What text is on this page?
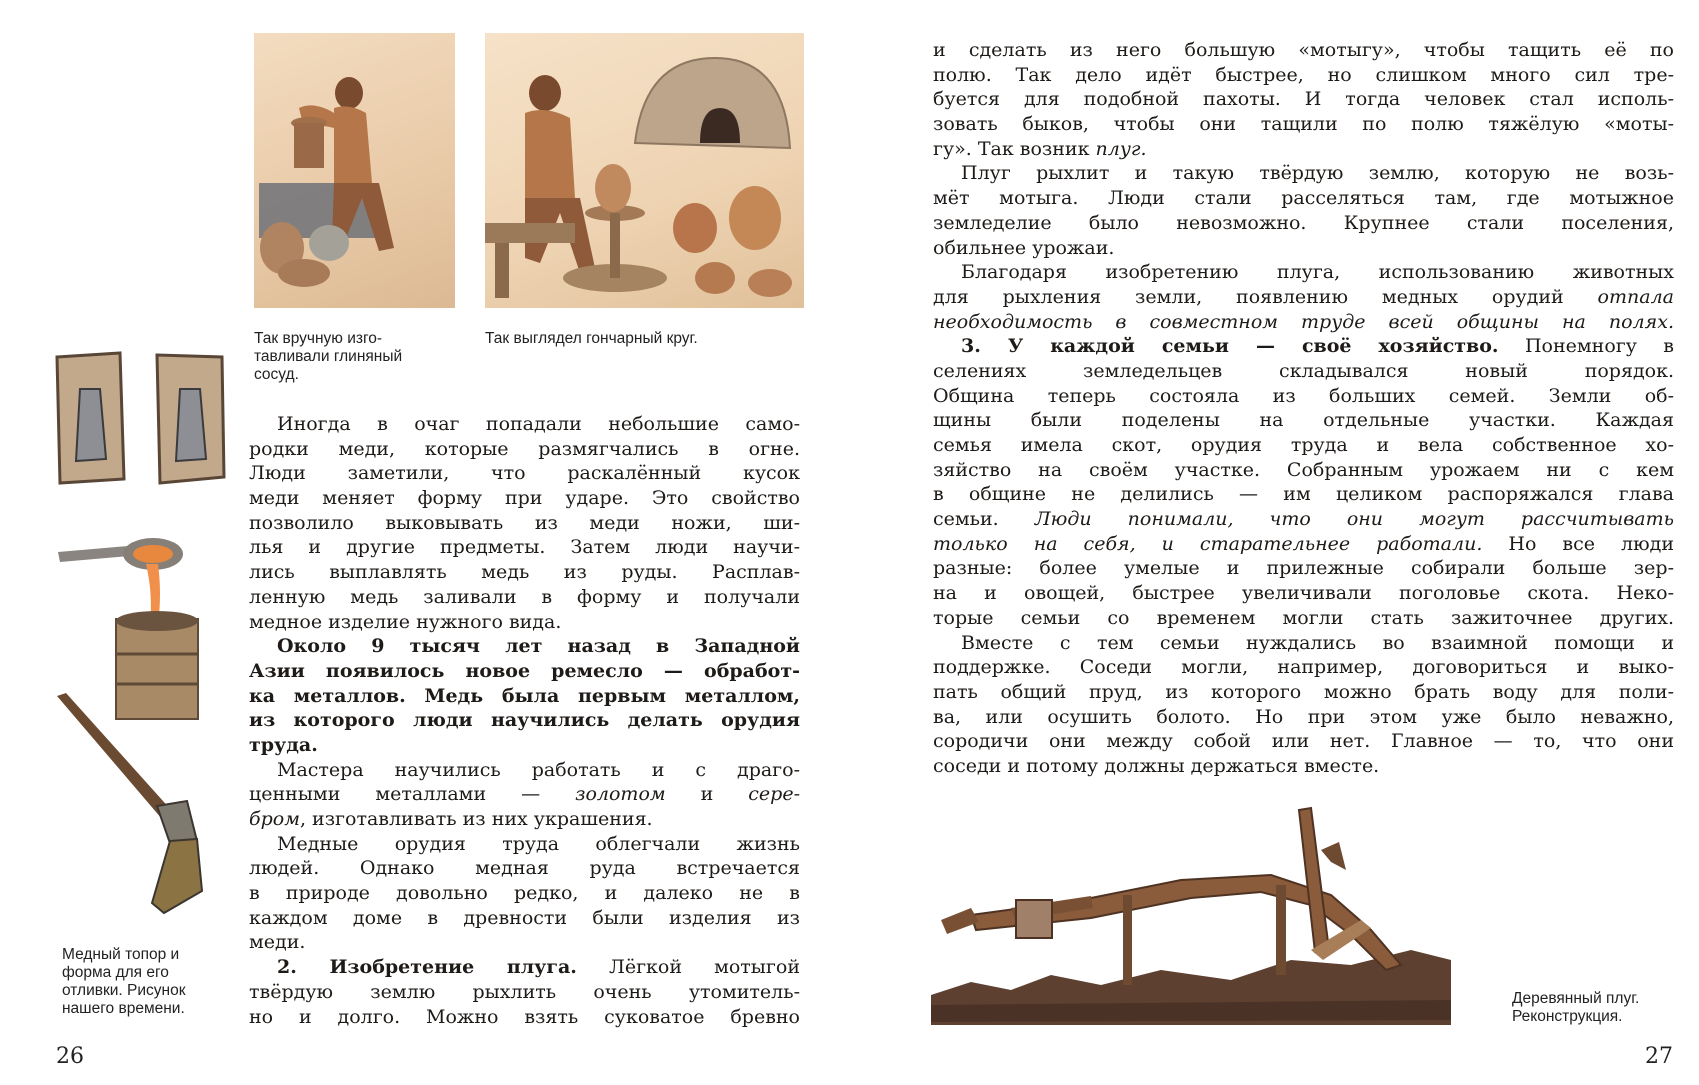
Так вручную изго-
тавливали глиняный
сосуд.
Так выглядел гончарный круг.
Медный топор и
форма для его
отливки. Рисунок
нашего времени.
Иногда в очаг попадали небольшие само-
родки меди, которые размягчались в огне.
Люди заметили, что раскалённый кусок
меди меняет форму при ударе. Это свойство
позволило выковывать из меди ножи, ши-
лья и другие предметы. Затем люди научи-
лись выплавлять медь из руды. Расплав-
ленную медь заливали в форму и получали
медное изделие нужного вида.
Около 9 тысяч лет назад в Западной
Азии появилось новое ремесло — обработ-
ка металлов. Медь была первым металлом,
из которого люди научились делать орудия
труда.
Мастера научились работать и с драго-
ценными металлами — золотом и сере-
бром, изготавливать из них украшения.
Медные орудия труда облегчали жизнь
людей. Однако медная руда встречается
в природе довольно редко, и далеко не в
каждом доме в древности были изделия из
меди.
2. Изобретение плуга. Лёгкой мотыгой
твёрдую землю рыхлить очень утомитель-
но и долго. Можно взять суковатое бревно
26
и сделать из него большую «мотыгу», чтобы тащить её по
полю. Так дело идёт быстрее, но слишком много сил тре-
буется для подобной пахоты. И тогда человек стал исполь-
зовать быков, чтобы они тащили по полю тяжёлую «моты-
гу». Так возник плуг.
Плуг рыхлит и такую твёрдую землю, которую не возь-
мёт мотыга. Люди стали расселяться там, где мотыжное
земледелие было невозможно. Крупнее стали поселения,
обильнее урожаи.
Благодаря изобретению плуга, использованию животных
для рыхления земли, появлению медных орудий отпала
необходимость в совместном труде всей общины на полях.
3. У каждой семьи — своё хозяйство. Понемногу в
селениях земледельцев складывался новый порядок.
Община теперь состояла из больших семей. Земли об-
щины были поделены на отдельные участки. Каждая
семья имела скот, орудия труда и вела собственное хо-
зяйство на своём участке. Собранным урожаем ни с кем
в общине не делились — им целиком распоряжался глава
семьи. Люди понимали, что они могут рассчитывать
только на себя, и старательнее работали. Но все люди
разные: более умелые и прилежные собирали больше зер-
на и овощей, быстрее увеличивали поголовье скота. Неко-
торые семьи со временем могли стать зажиточнее других.
Вместе с тем семьи нуждались во взаимной помощи и
поддержке. Соседи могли, например, договориться и выко-
пать общий пруд, из которого можно брать воду для поли-
ва, или осушить болото. Но при этом уже было неважно,
сородичи они между собой или нет. Главное — то, что они
соседи и потому должны держаться вместе.
Деревянный плуг.
Реконструкция.
27
